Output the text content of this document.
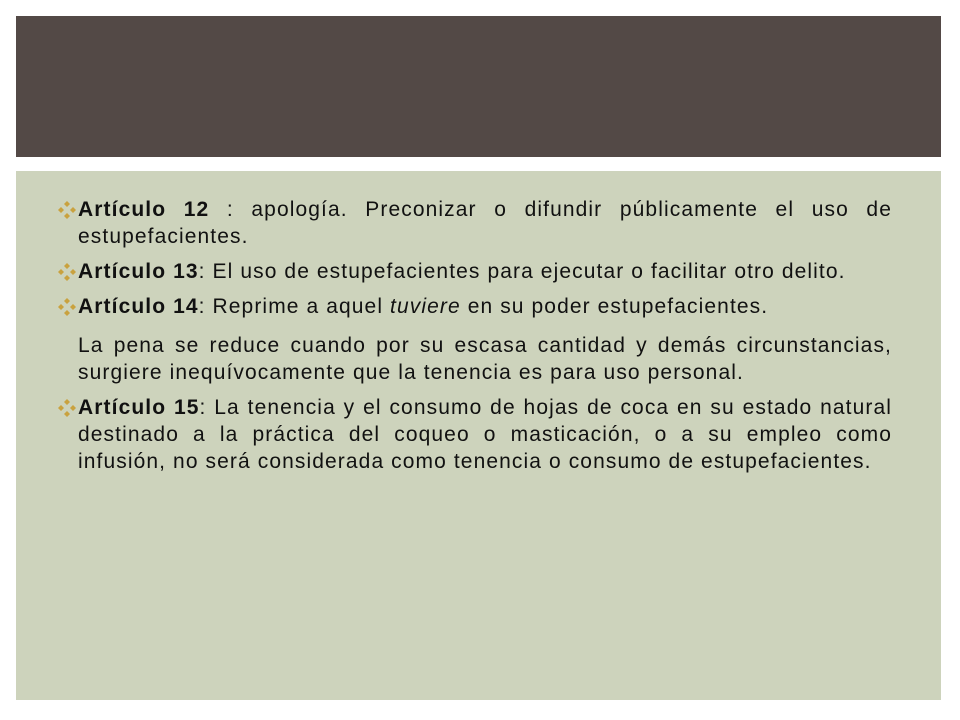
Artículo 12 : apología. Preconizar o difundir públicamente el uso de estupefacientes.

Artículo 13: El uso de estupefacientes para ejecutar o facilitar otro delito.

Artículo 14: Reprime a aquel tuviere en su poder estupefacientes.

La pena se reduce cuando por su escasa cantidad y demás circunstancias, surgiere inequívocamente que la tenencia es para uso personal.

Artículo 15: La tenencia y el consumo de hojas de coca en su estado natural destinado a la práctica del coqueo o masticación, o a su empleo como infusión, no será considerada como tenencia o consumo de estupefacientes.
